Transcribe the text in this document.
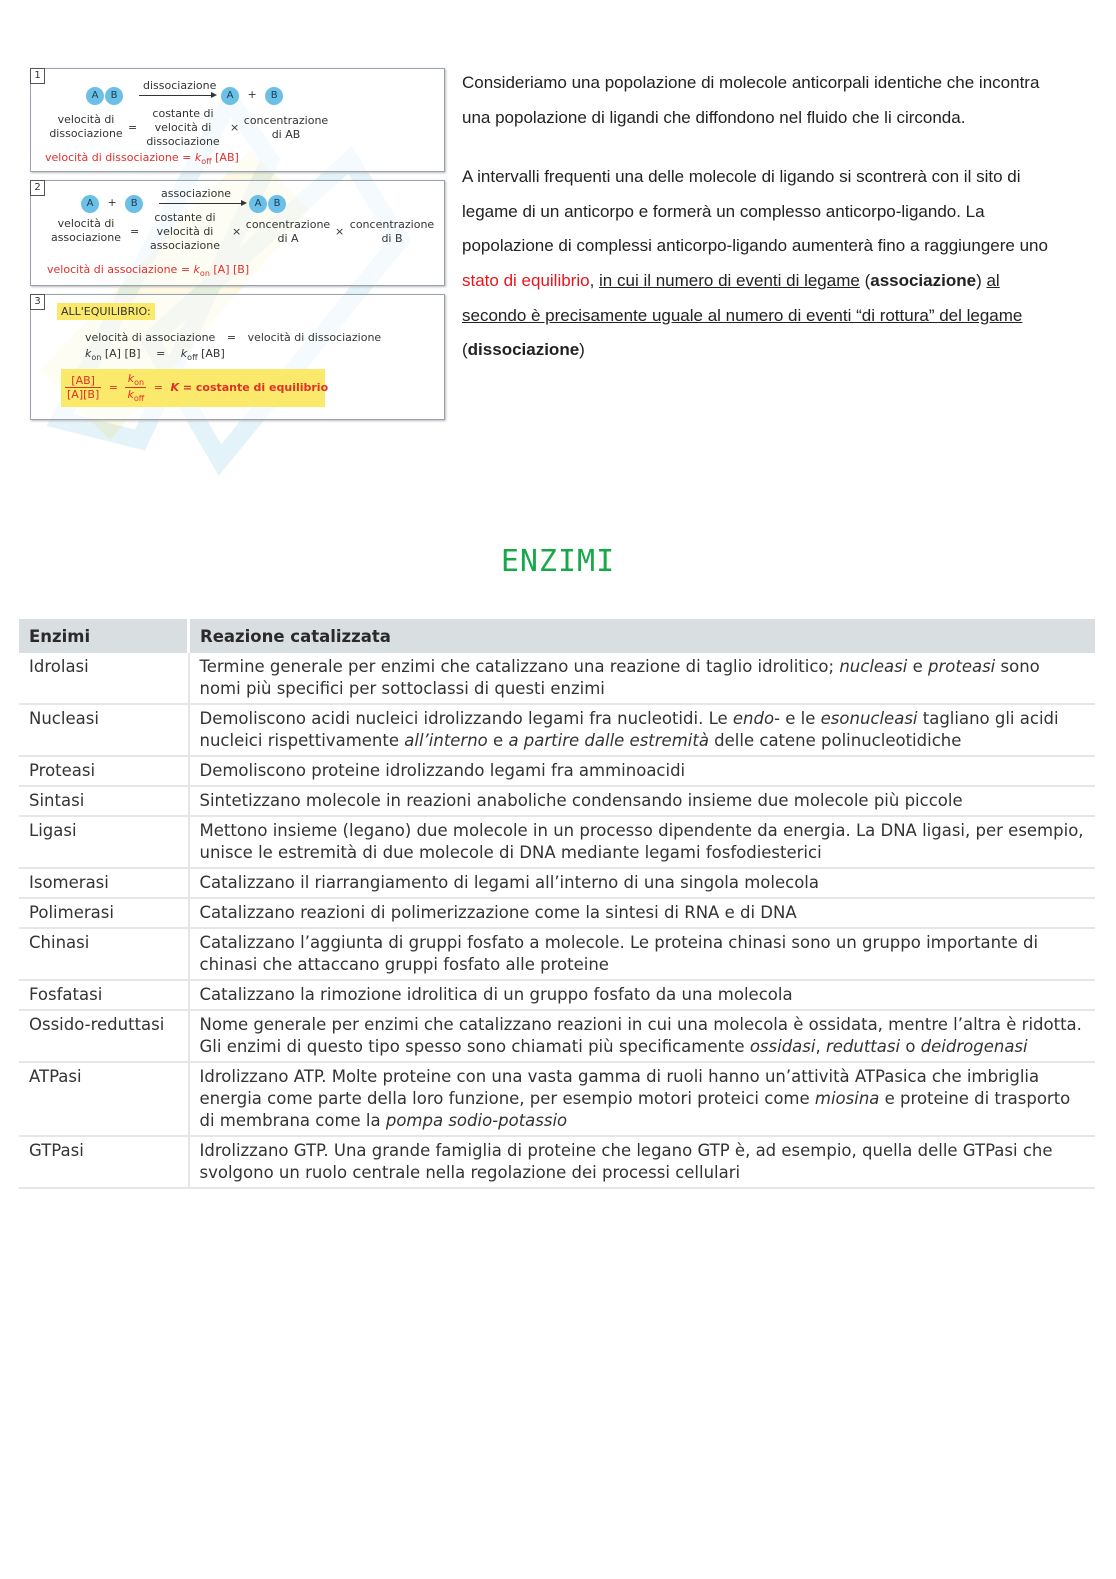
1
dissociazione
A B	A + B
velocità di dissociazione =
costante di velocità di dissociazione
×
concentrazione di AB
velocità di dissociazione = $k_{off}$ [AB]
2	associazione
A + B	A B
velocità di associazione =
costante di velocità di associazione
×
concentrazione di A
×
concentrazione di B
velocità di associazione = $k_{on}$ [A] [B]
3
ALL'EQUILIBRIO:
velocità di associazione = velocità di dissociazione
$k_{on}$ [A] $[B] = k_{off}$ [AB]
$\frac{[AB]}{[A][B]} = \frac{k_{on}}{k_{off}} = K$ = costante di equilibrio

Consideriamo una popolazione di molecole anticorpali identiche che incontra una popolazione di ligandi che diffondono nel fluido che li circonda.

A intervalli frequenti una delle molecole di ligando si scontrerà con il sito di legame di un anticorpo e formerà un complesso anticorpo-ligando. La popolazione di complessi anticorpo-ligando aumenterà fino a raggiungere uno stato di equilibrio, in cui il numero di eventi di legame (associazione) al secondo è precisamente uguale al numero di eventi “di rottura” del legame (dissociazione)

ENZIMI
Enzimi	Reazione catalizzata
Idrolasi	Termine generale per enzimi che catalizzano una reazione di taglio idrolitico; nucleasi e proteasi sono nomi più specifici per sottoclassi di questi enzimi
Nucleasi	Demoliscono acidi nucleici idrolizzando legami fra nucleotidi. Le endo- e le esonucleasi tagliano gli acidi nucleici rispettivamente all’interno e a partire dalle estremità delle catene polinucleotidiche
Proteasi	Demoliscono proteine idrolizzando legami fra amminoacidi
Sintasi	Sintetizzano molecole in reazioni anaboliche condensando insieme due molecole più piccole
Ligasi	Mettono insieme (legano) due molecole in un processo dipendente da energia. La DNA ligasi, per esempio, unisce le estremità di due molecole di DNA mediante legami fosfodiesterici
Isomerasi	Catalizzano il riarrangiamento di legami all’interno di una singola molecola
Polimerasi	Catalizzano reazioni di polimerizzazione come la sintesi di RNA e di DNA
Chinasi	Catalizzano l’aggiunta di gruppi fosfato a molecole. Le proteina chinasi sono un gruppo importante di chinasi che attaccano gruppi fosfato alle proteine
Fosfatasi	Catalizzano la rimozione idrolitica di un gruppo fosfato da una molecola
Ossido-reduttasi	Nome generale per enzimi che catalizzano reazioni in cui una molecola è ossidata, mentre l’altra è ridotta. Gli enzimi di questo tipo spesso sono chiamati più specificamente ossidasi, reduttasi o deidrogenasi
ATPasi	Idrolizzano ATP. Molte proteine con una vasta gamma di ruoli hanno un’attività ATPasica che imbriglia energia come parte della loro funzione, per esempio motori proteici come miosina e proteine di trasporto di membrana come la pompa sodio-potassio
GTPasi	Idrolizzano GTP. Una grande famiglia di proteine che legano GTP è, ad esempio, quella delle GTPasi che svolgono un ruolo centrale nella regolazione dei processi cellulari
